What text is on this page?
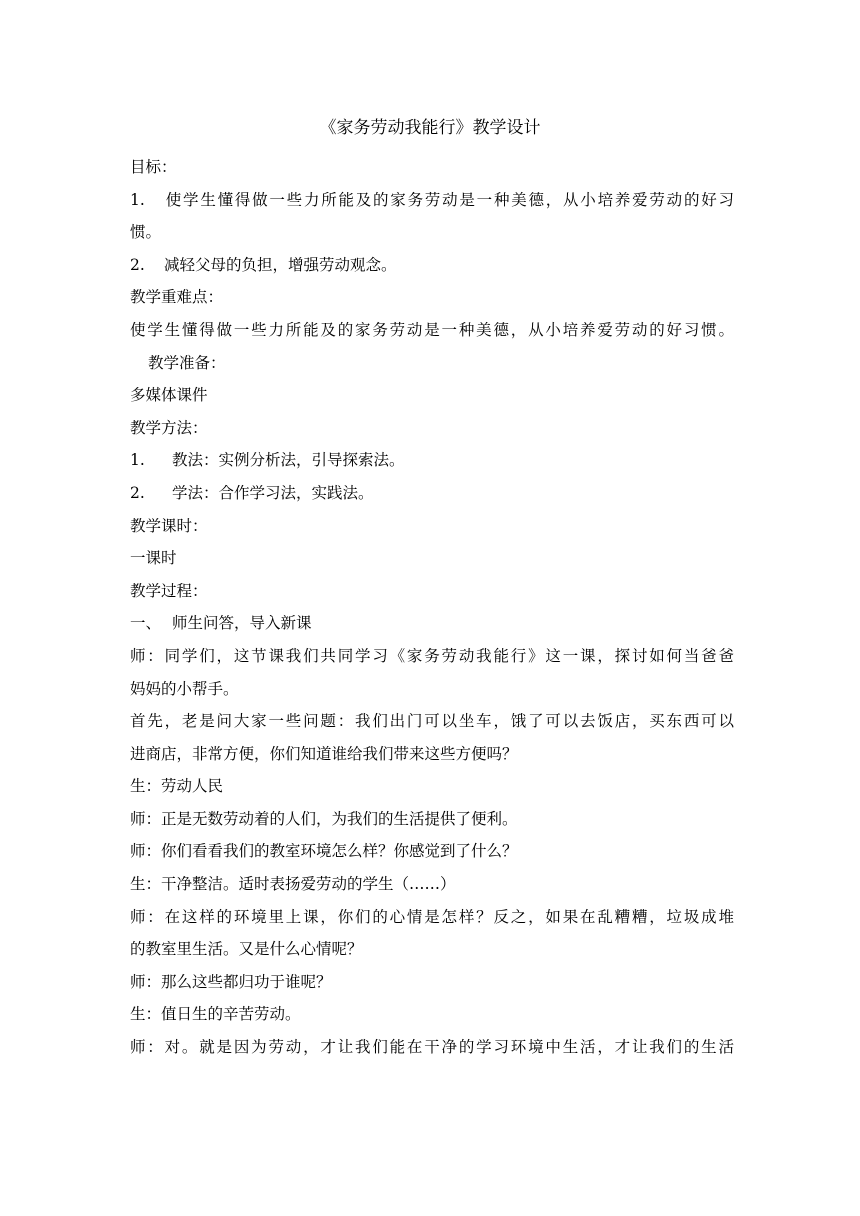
《家务劳动我能行》教学设计
目标：
1. 使学生懂得做一些力所能及的家务劳动是一种美德，从小培养爱劳动的好习
惯。
2. 减轻父母的负担，增强劳动观念。
教学重难点：
使学生懂得做一些力所能及的家务劳动是一种美德，从小培养爱劳动的好习惯。
教学准备：
多媒体课件
教学方法：
1. 教法：实例分析法，引导探索法。
2. 学法：合作学习法，实践法。
教学课时：
一课时
教学过程：
一、 师生问答，导入新课
师：同学们，这节课我们共同学习《家务劳动我能行》这一课，探讨如何当爸爸
妈妈的小帮手。
首先，老是问大家一些问题：我们出门可以坐车，饿了可以去饭店，买东西可以
进商店，非常方便，你们知道谁给我们带来这些方便吗？
生：劳动人民
师：正是无数劳动着的人们，为我们的生活提供了便利。
师：你们看看我们的教室环境怎么样？你感觉到了什么？
生：干净整洁。适时表扬爱劳动的学生（……）
师：在这样的环境里上课，你们的心情是怎样？反之，如果在乱糟糟，垃圾成堆
的教室里生活。又是什么心情呢？
师：那么这些都归功于谁呢？
生：值日生的辛苦劳动。
师：对。就是因为劳动，才让我们能在干净的学习环境中生活，才让我们的生活
